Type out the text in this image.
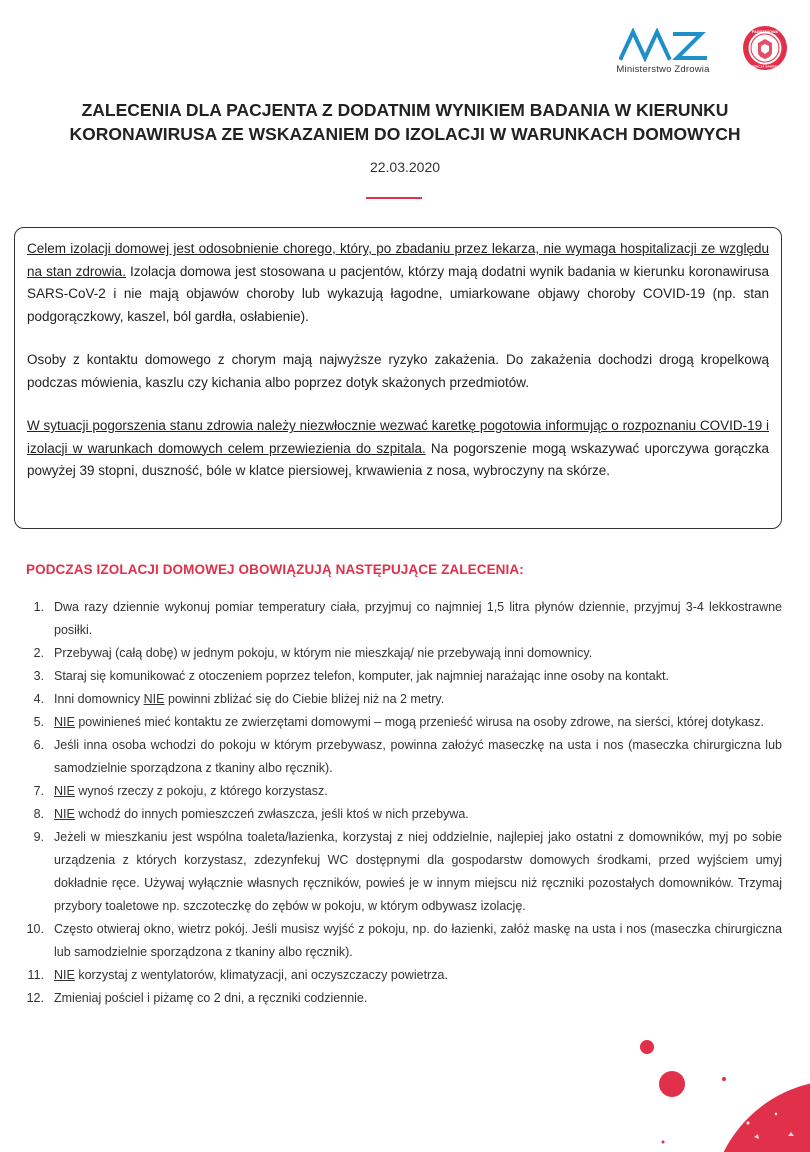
Ministerstwo Zdrowia
PAŃSTWOWA
INSPEKCJA SANITARNA
ZALECENIA DLA PACJENTA Z DODATNIM WYNIKIEM BADANIA W KIERUNKU
KORONAWIRUSA ZE WSKAZANIEM DO IZOLACJI W WARUNKACH DOMOWYCH
22.03.2020

Celem izolacji domowej jest odosobnienie chorego, który, po zbadaniu przez lekarza, nie wymaga hospitalizacji ze względu na stan zdrowia. Izolacja domowa jest stosowana u pacjentów, którzy mają dodatni wynik badania w kierunku koronawirusa SARS-CoV-2 i nie mają objawów choroby lub wykazują łagodne, umiarkowane objawy choroby COVID-19 (np. stan podgorączkowy, kaszel, ból gardła, osłabienie).

Osoby z kontaktu domowego z chorym mają najwyższe ryzyko zakażenia. Do zakażenia dochodzi drogą kropelkową podczas mówienia, kaszlu czy kichania albo poprzez dotyk skażonych przedmiotów.

W sytuacji pogorszenia stanu zdrowia należy niezwłocznie wezwać karetkę pogotowia informując o rozpoznaniu COVID-19 i izolacji w warunkach domowych celem przewiezienia do szpitala. Na pogorszenie mogą wskazywać uporczywa gorączka powyżej 39 stopni, duszność, bóle w klatce piersiowej, krwawienia z nosa, wybroczyny na skórze.

PODCZAS IZOLACJI DOMOWEJ OBOWIĄZUJĄ NASTĘPUJĄCE ZALECENIA:
1. Dwa razy dziennie wykonuj pomiar temperatury ciała, przyjmuj co najmniej 1,5 litra płynów dziennie, przyjmuj 3-4 lekkostrawne posiłki.
2. Przebywaj (całą dobę) w jednym pokoju, w którym nie mieszkają/ nie przebywają inni domownicy.
3. Staraj się komunikować z otoczeniem poprzez telefon, komputer, jak najmniej narażając inne osoby na kontakt.
4. Inni domownicy NIE powinni zbliżać się do Ciebie bliżej niż na 2 metry.
5. NIE powinieneś mieć kontaktu ze zwierzętami domowymi – mogą przenieść wirusa na osoby zdrowe, na sierści, której dotykasz.
6. Jeśli inna osoba wchodzi do pokoju w którym przebywasz, powinna założyć maseczkę na usta i nos (maseczka chirurgiczna lub samodzielnie sporządzona z tkaniny albo ręcznik).
7. NIE wynoś rzeczy z pokoju, z którego korzystasz.
8. NIE wchodź do innych pomieszczeń zwłaszcza, jeśli ktoś w nich przebywa.
9. Jeżeli w mieszkaniu jest wspólna toaleta/łazienka, korzystaj z niej oddzielnie, najlepiej jako ostatni z domowników, myj po sobie urządzenia z których korzystasz, zdezynfekuj WC dostępnymi dla gospodarstw domowych środkami, przed wyjściem umyj dokładnie ręce. Używaj wyłącznie własnych ręczników, powieś je w innym miejscu niż ręczniki pozostałych domowników. Trzymaj przybory toaletowe np. szczoteczkę do zębów w pokoju, w którym odbywasz izolację.
10. Często otwieraj okno, wietrz pokój. Jeśli musisz wyjść z pokoju, np. do łazienki, załóż maskę na usta i nos (maseczka chirurgiczna lub samodzielnie sporządzona z tkaniny albo ręcznik).
11. NIE korzystaj z wentylatorów, klimatyzacji, ani oczyszczaczy powietrza.
12. Zmieniaj pościel i piżamę co 2 dni, a ręczniki codziennie.
